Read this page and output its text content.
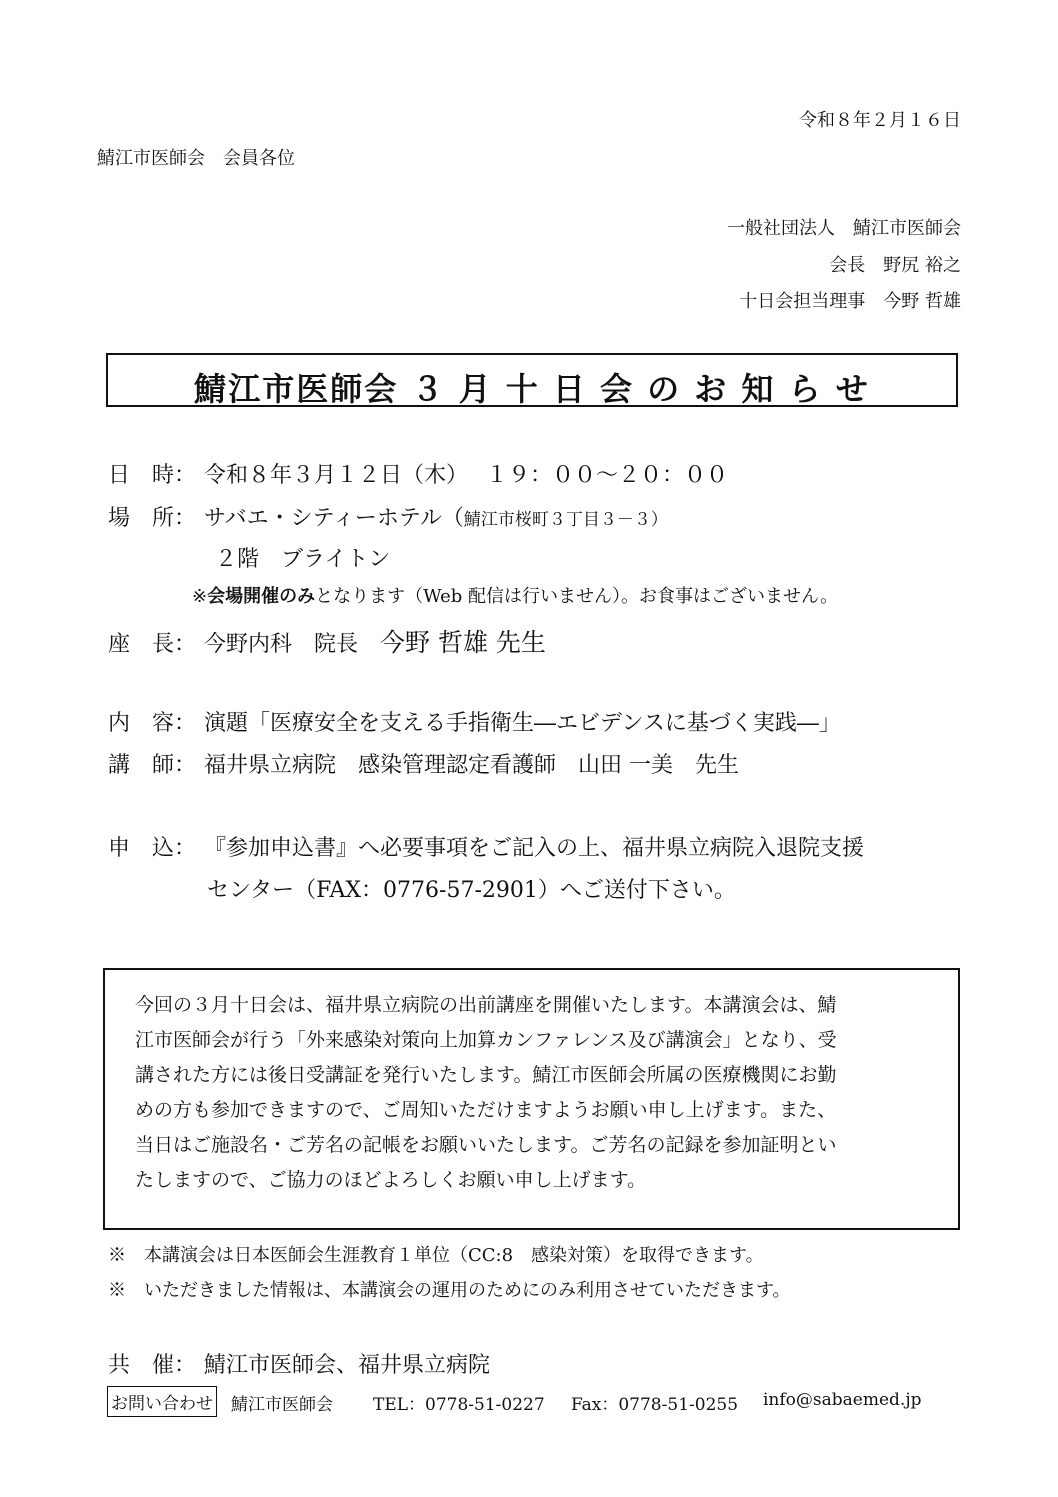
令和８年２月１６日
鯖江市医師会　会員各位
一般社団法人　鯖江市医師会
会長　野尻 裕之
十日会担当理事　今野 哲雄
鯖江市医師会 ３ 月 十 日 会 の お 知 ら せ
日　時： 令和８年３月１２日（木）　 １９：００～２０：００
場　所： サバエ・シティーホテル（鯖江市桜町３丁目３－３）
２階　ブライトン
※会場開催のみとなります（Web 配信は行いません）。お食事はございません。
座　長： 今野内科　院長　今野 哲雄 先生
内　容： 演題「医療安全を支える手指衛生―エビデンスに基づく実践―」
講　師： 福井県立病院　感染管理認定看護師　山田 一美　先生
申　込： 『参加申込書』へ必要事項をご記入の上、福井県立病院入退院支援
センター（FAX：0776-57-2901）へご送付下さい。
今回の３月十日会は、福井県立病院の出前講座を開催いたします。本講演会は、鯖
江市医師会が行う「外来感染対策向上加算カンファレンス及び講演会」となり、受
講された方には後日受講証を発行いたします。鯖江市医師会所属の医療機関にお勤
めの方も参加できますので、ご周知いただけますようお願い申し上げます。また、
当日はご施設名・ご芳名の記帳をお願いいたします。ご芳名の記録を参加証明とい
たしますので、ご協力のほどよろしくお願い申し上げます。
※　本講演会は日本医師会生涯教育１単位（CC:8　感染対策）を取得できます。
※　いただきました情報は、本講演会の運用のためにのみ利用させていただきます。
共　催： 鯖江市医師会、福井県立病院
お問い合わせ 鯖江市医師会 TEL：0778-51-0227 Fax：0778-51-0255 info@sabaemed.jp
